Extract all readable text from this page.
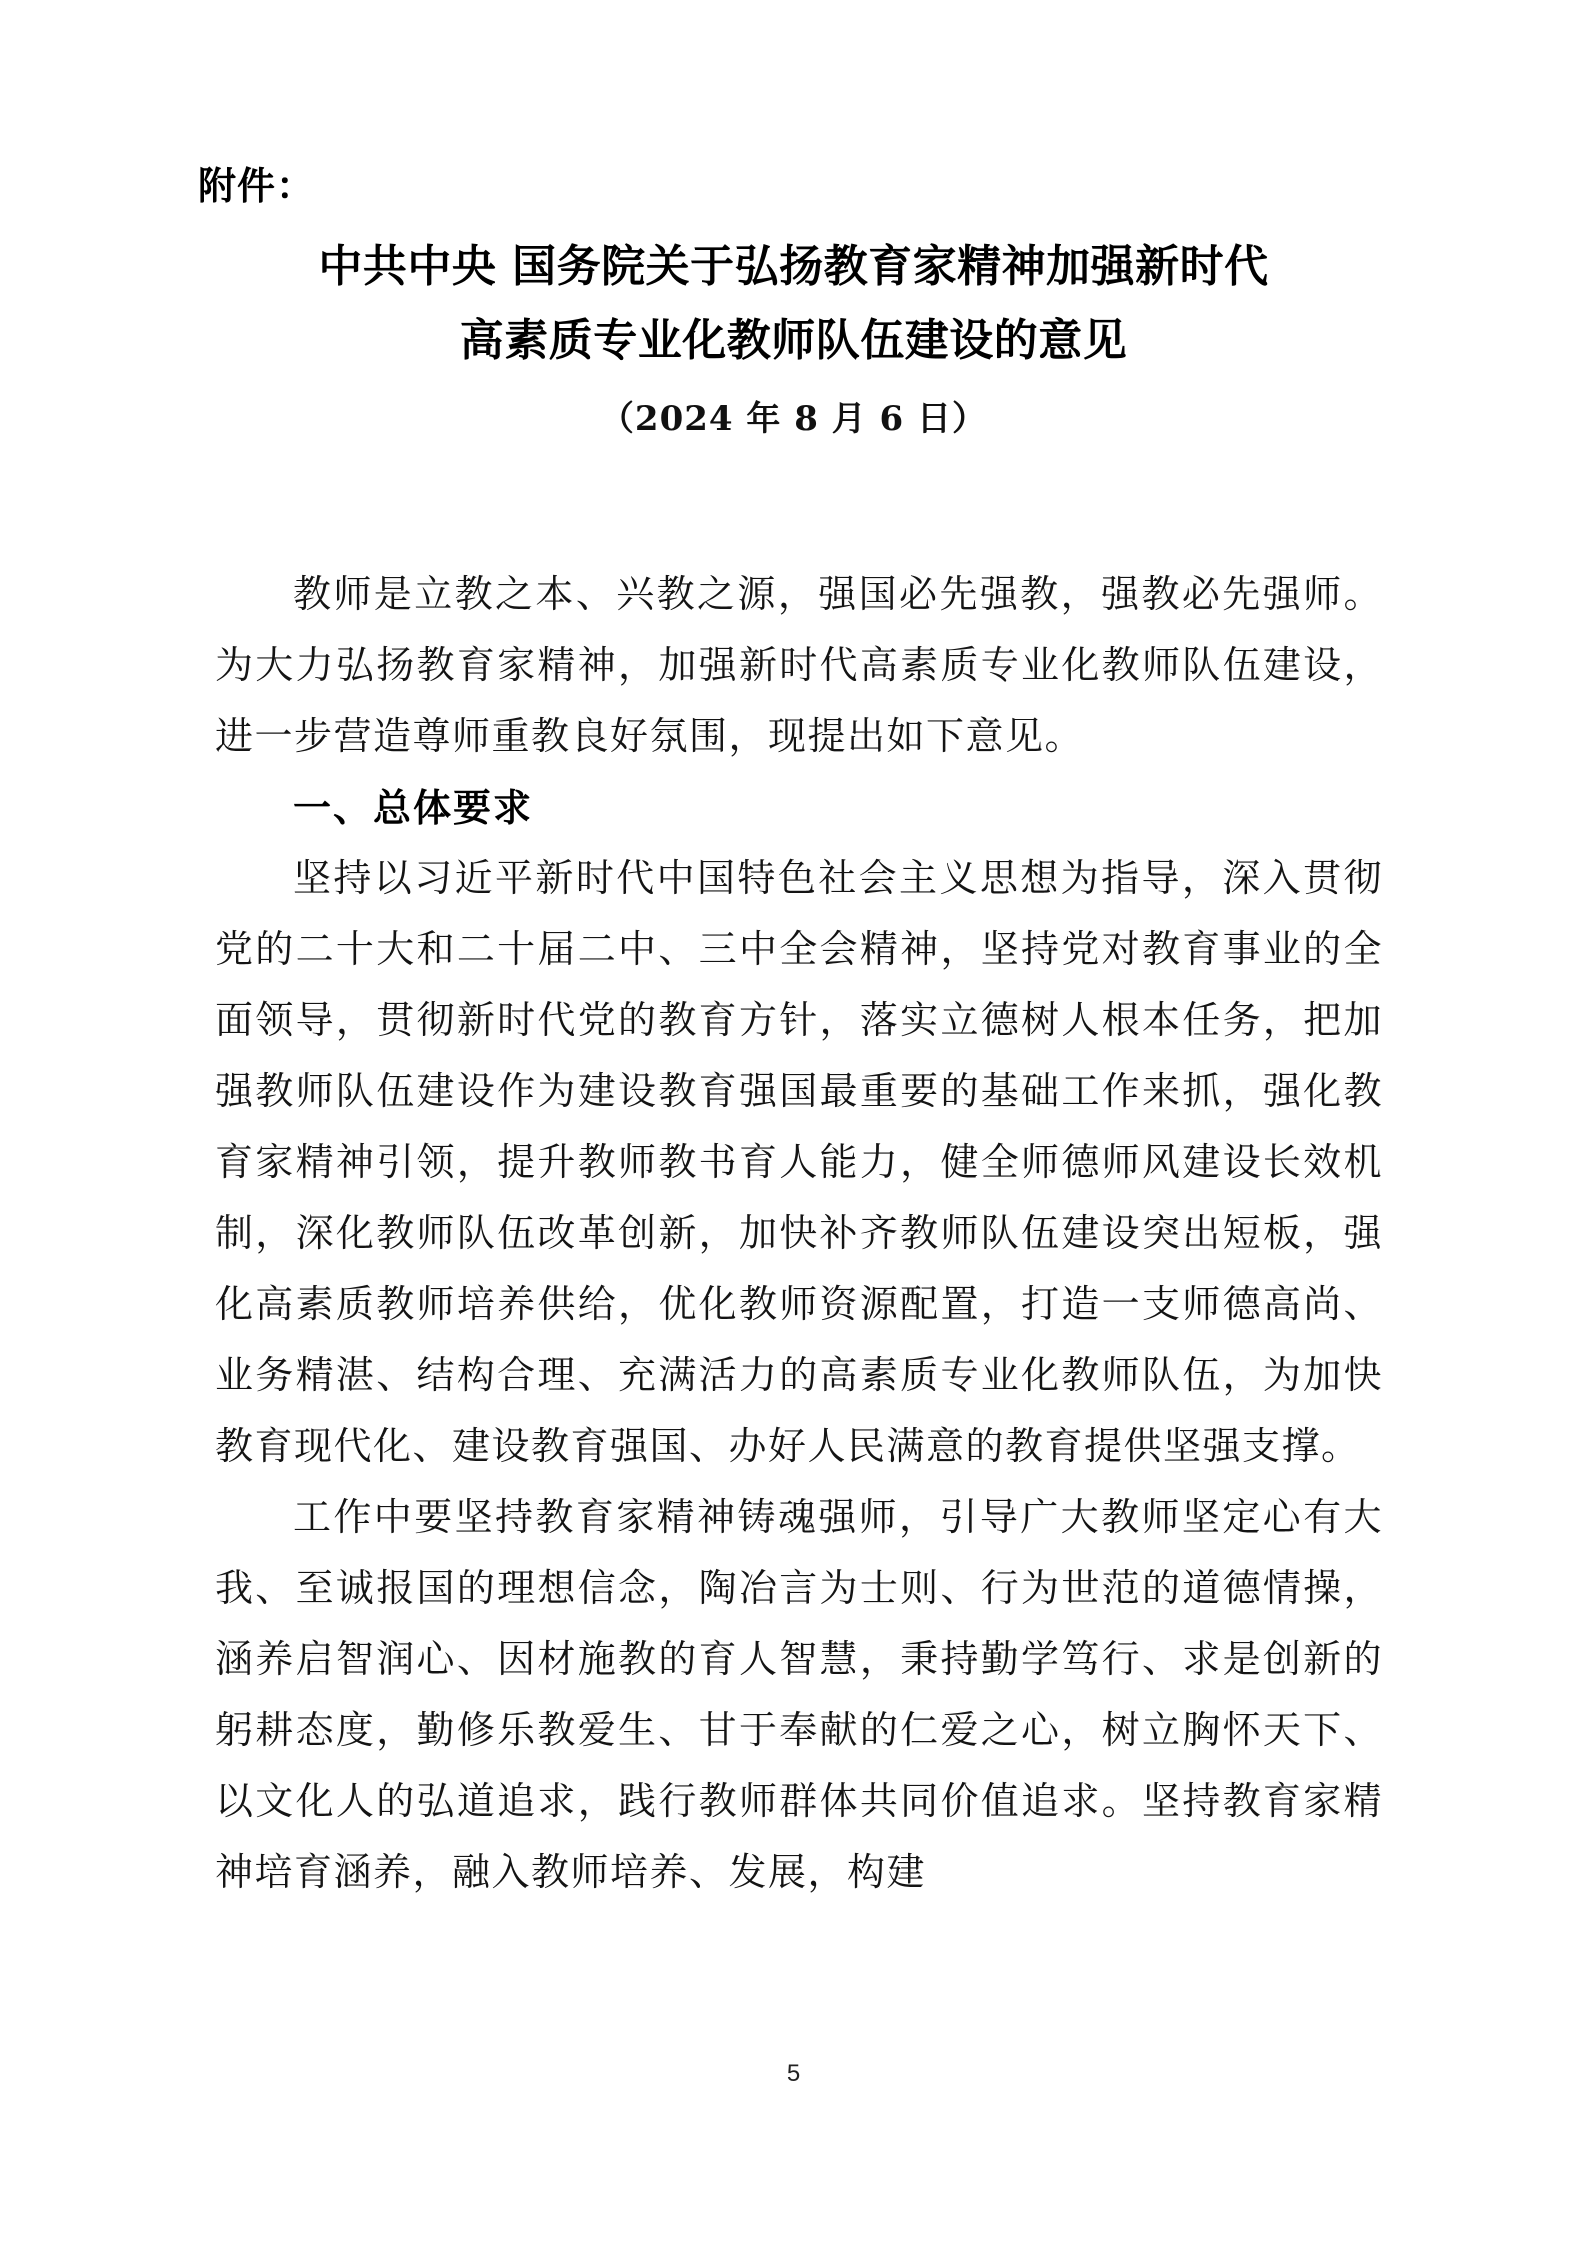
附件：
中共中央 国务院关于弘扬教育家精神加强新时代
高素质专业化教师队伍建设的意见
（2024 年 8 月 6 日）

教师是立教之本、兴教之源，强国必先强教，强教必先强师。为大力弘扬教育家精神，加强新时代高素质专业化教师队伍建设，进一步营造尊师重教良好氛围，现提出如下意见。

一、总体要求

坚持以习近平新时代中国特色社会主义思想为指导，深入贯彻党的二十大和二十届二中、三中全会精神，坚持党对教育事业的全面领导，贯彻新时代党的教育方针，落实立德树人根本任务，把加强教师队伍建设作为建设教育强国最重要的基础工作来抓，强化教育家精神引领，提升教师教书育人能力，健全师德师风建设长效机制，深化教师队伍改革创新，加快补齐教师队伍建设突出短板，强化高素质教师培养供给，优化教师资源配置，打造一支师德高尚、业务精湛、结构合理、充满活力的高素质专业化教师队伍，为加快教育现代化、建设教育强国、办好人民满意的教育提供坚强支撑。

工作中要坚持教育家精神铸魂强师，引导广大教师坚定心有大我、至诚报国的理想信念，陶冶言为士则、行为世范的道德情操，涵养启智润心、因材施教的育人智慧，秉持勤学笃行、求是创新的躬耕态度，勤修乐教爱生、甘于奉献的仁爱之心，树立胸怀天下、以文化人的弘道追求，践行教师群体共同价值追求。坚持教育家精神培育涵养，融入教师培养、发展，构建

5
